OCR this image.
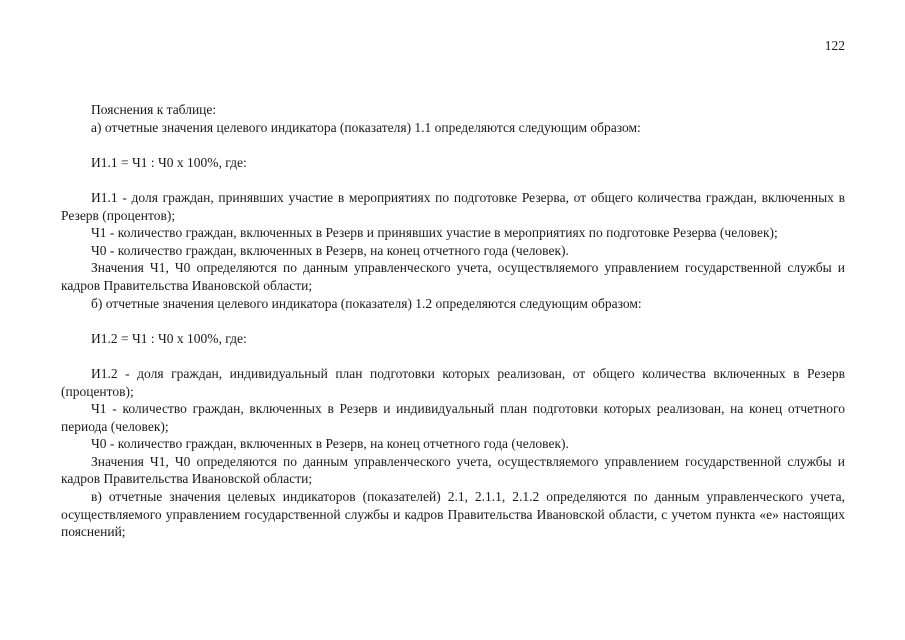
122

Пояснения к таблице:

а) отчетные значения целевого индикатора (показателя) 1.1 определяются следующим образом:

И1.1 = Ч1 : Ч0 х 100%, где:

И1.1 - доля граждан, принявших участие в мероприятиях по подготовке Резерва, от общего количества граждан, включенных в Резерв (процентов);

Ч1 - количество граждан, включенных в Резерв и принявших участие в мероприятиях по подготовке Резерва (человек);

Ч0 - количество граждан, включенных в Резерв, на конец отчетного года (человек).

Значения Ч1, Ч0 определяются по данным управленческого учета, осуществляемого управлением государственной службы и кадров Правительства Ивановской области;

б) отчетные значения целевого индикатора (показателя) 1.2 определяются следующим образом:

И1.2 = Ч1 : Ч0 х 100%, где:

И1.2 - доля граждан, индивидуальный план подготовки которых реализован, от общего количества включенных в Резерв (процентов);

Ч1 - количество граждан, включенных в Резерв и индивидуальный план подготовки которых реализован, на конец отчетного периода (человек);

Ч0 - количество граждан, включенных в Резерв, на конец отчетного года (человек).

Значения Ч1, Ч0 определяются по данным управленческого учета, осуществляемого управлением государственной службы и кадров Правительства Ивановской области;

в) отчетные значения целевых индикаторов (показателей) 2.1, 2.1.1, 2.1.2 определяются по данным управленческого учета, осуществляемого управлением государственной службы и кадров Правительства Ивановской области, с учетом пункта «е» настоящих пояснений;
